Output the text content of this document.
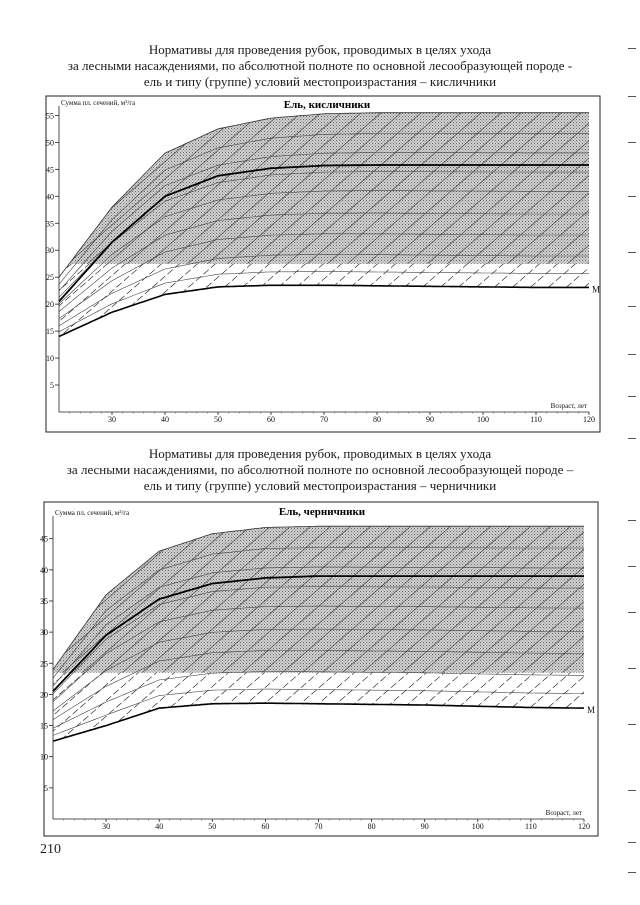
Нормативы для проведения рубок, проводимых в целях ухода
за лесными насаждениями, по абсолютной полноте по основной лесообразующей породе -
ель и типу (группе) условий местопроизрастания – кисличники
М
5
10
15
20
25
30
35
40
45
50
55
30	40	50	60	70	80	90	100	110	120
Ель, кисличники
Сумма пл. сечений, м²/га
Возраст, лет
Нормативы для проведения рубок, проводимых в целях ухода
за лесными насаждениями, по абсолютной полноте по основной лесообразующей породе –
ель и типу (группе) условий местопроизрастания – черничники
М
5
10
15
20
25
30
35
40
45
30	40	50	60	70	80	90	100	110	120
Ель, черничники
Сумма пл. сечений, м²/га
Возраст, лет
210
